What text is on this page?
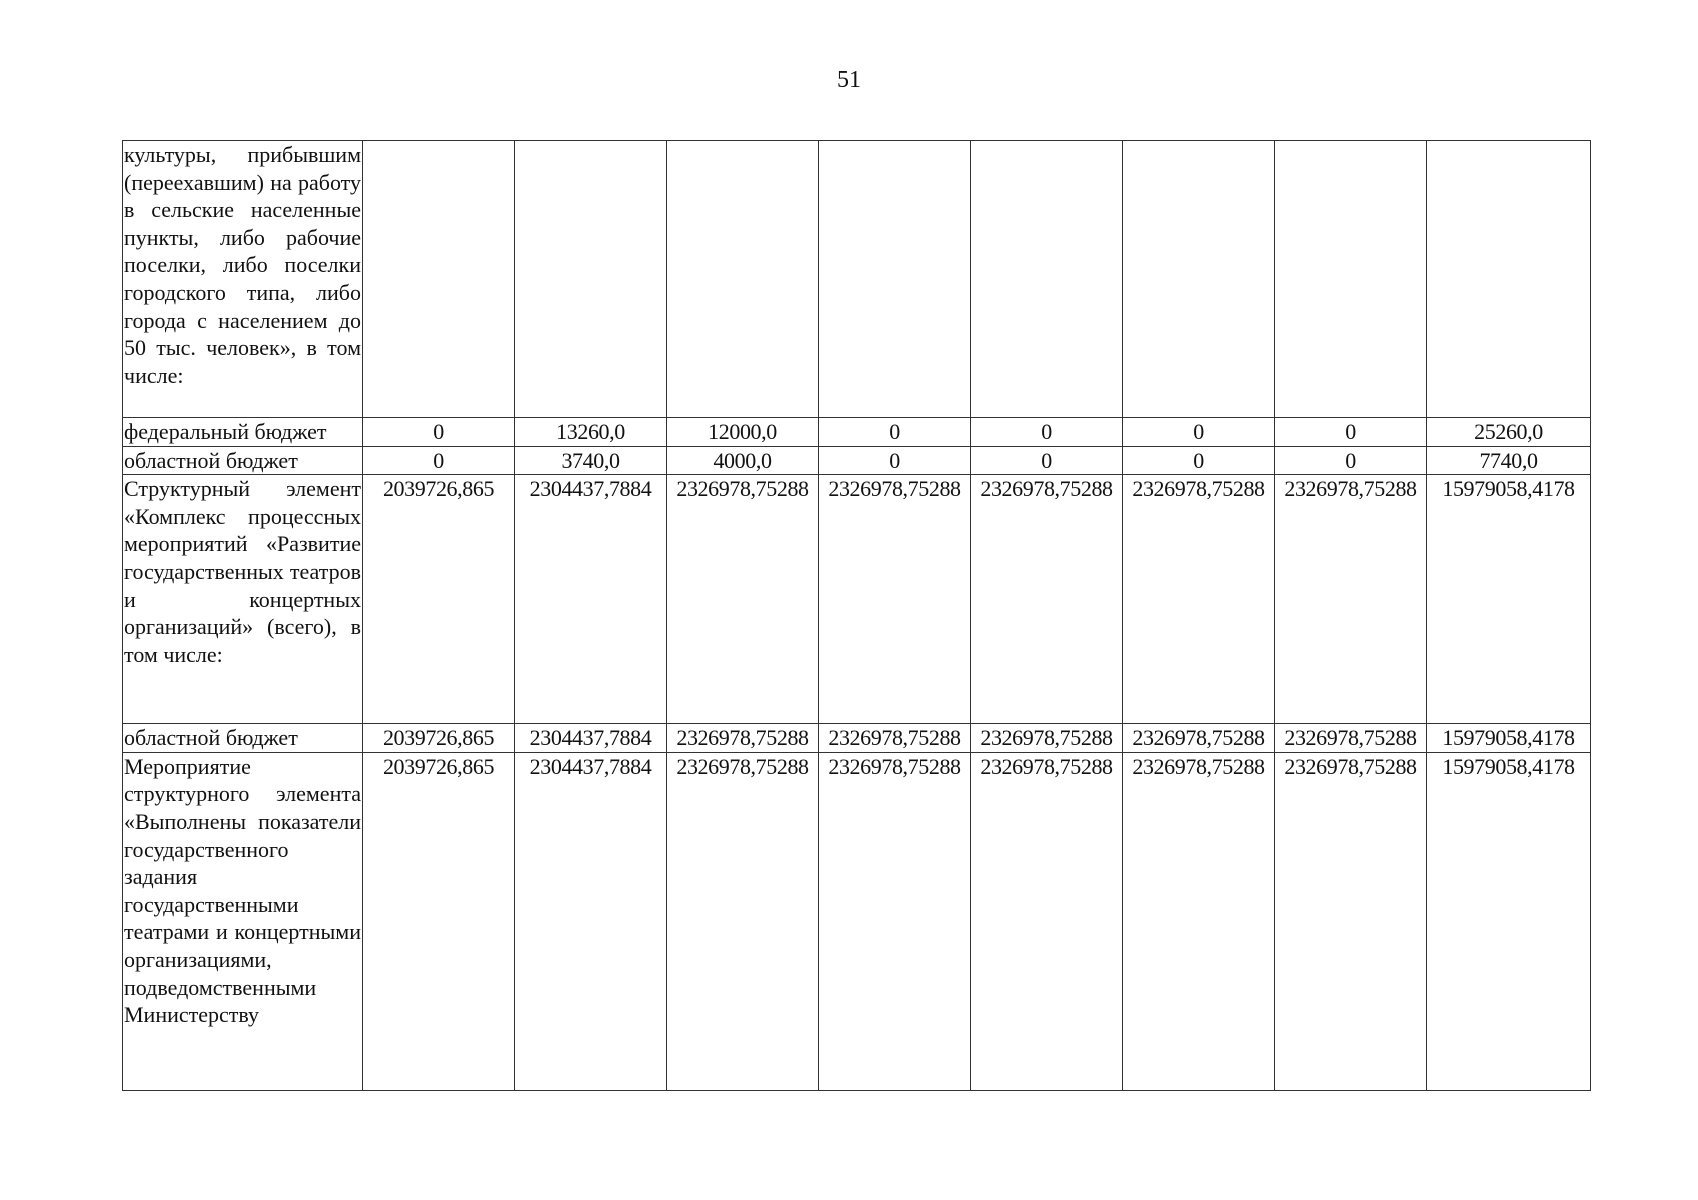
51
культуры, прибывшим (переехавшим) на работу в сельские населенные пункты, либо рабочие поселки, либо поселки городского типа, либо города с населением до 50 тыс. человек», в том числе:								
федеральный бюджет	0	13260,0	12000,0	0	0	0	0	25260,0
областной бюджет	0	3740,0	4000,0	0	0	0	0	7740,0
Структурный элемент «Комплекс процессных мероприятий «Развитие государственных театров и концертных организаций» (всего), в том числе:	2039726,865	2304437,7884	2326978,75288	2326978,75288	2326978,75288	2326978,75288	2326978,75288	15979058,4178
областной бюджет	2039726,865	2304437,7884	2326978,75288	2326978,75288	2326978,75288	2326978,75288	2326978,75288	15979058,4178
Мероприятие структурного элемента «Выполнены показатели государственного задания государственными театрами и концертными организациями, подведомственными Министерству	2039726,865	2304437,7884	2326978,75288	2326978,75288	2326978,75288	2326978,75288	2326978,75288	15979058,4178
